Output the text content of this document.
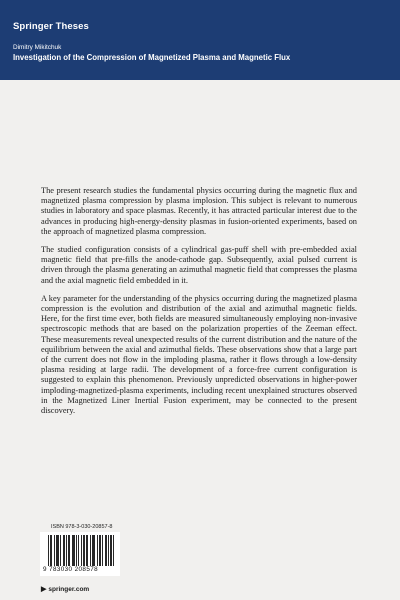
Springer Theses
Dimitry Mikitchuk
Investigation of the Compression of Magnetized Plasma and Magnetic Flux

The present research studies the fundamental physics occurring during the magnetic flux and magnetized plasma compression by plasma implosion. This subject is relevant to numerous studies in laboratory and space plasmas. Recently, it has attracted particular interest due to the advances in producing high-energy-density plasmas in fusion-oriented experiments, based on the approach of magnetized plasma compression.

The studied configuration consists of a cylindrical gas-puff shell with pre-embedded axial magnetic field that pre-fills the anode-cathode gap. Subsequently, axial pulsed current is driven through the plasma generating an azimuthal magnetic field that compresses the plasma and the axial magnetic field embedded in it.

A key parameter for the understanding of the physics occurring during the magnetized plasma compression is the evolution and distribution of the axial and azimuthal magnetic fields. Here, for the first time ever, both fields are measured simultaneously employing non-invasive spectroscopic methods that are based on the polarization properties of the Zeeman effect. These measurements reveal unexpected results of the current distribution and the nature of the equilibrium between the axial and azimuthal fields. These observations show that a large part of the current does not flow in the imploding plasma, rather it flows through a low-density plasma residing at large radii. The development of a force-free current configuration is suggested to explain this phenomenon. Previously unpredicted observations in higher-power imploding-magnetized-plasma experiments, including recent unexplained structures observed in the Magnetized Liner Inertial Fusion experiment, may be connected to the present discovery.

ISBN 978-3-030-20857-8
9 783030 208578
▶ springer.com
